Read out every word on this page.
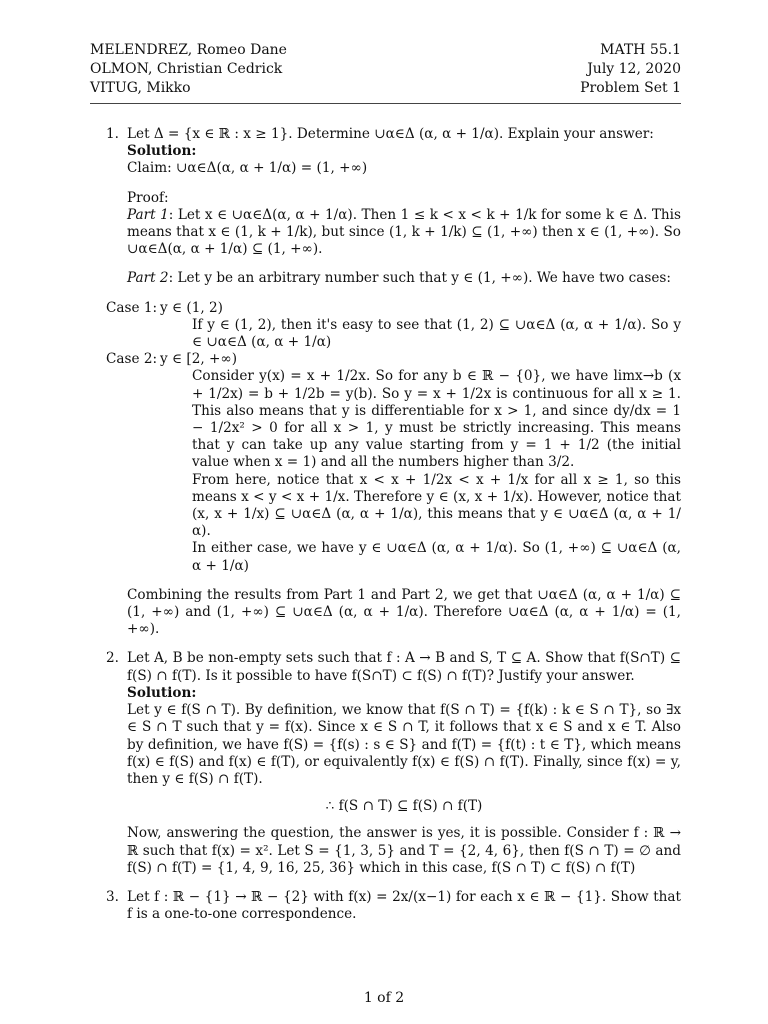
MELENDREZ, Romeo Dane
OLMON, Christian Cedrick
VITUG, Mikko
MATH 55.1
July 12, 2020
Problem Set 1
1. Let Δ = {x ∈ ℝ : x ≥ 1}. Determine ∪α∈Δ (α, α + 1/α). Explain your answer:

Solution:

Claim: ∪α∈Δ(α, α + 1/α) = (1, +∞)

Proof:

Part 1: Let x ∈ ∪α∈Δ(α, α + 1/α). Then 1 ≤ k < x < k + 1/k for some k ∈ Δ. This means that x ∈ (1, k + 1/k), but since (1, k + 1/k) ⊆ (1, +∞) then x ∈ (1, +∞). So ∪α∈Δ(α, α + 1/α) ⊆ (1, +∞).

Part 2: Let y be an arbitrary number such that y ∈ (1, +∞). We have two cases:

Case 1: y ∈ (1, 2)

If y ∈ (1, 2), then it's easy to see that (1, 2) ⊆ ∪α∈Δ (α, α + 1/α). So y ∈ ∪α∈Δ (α, α + 1/α)

Case 2: y ∈ [2, +∞)

Consider y(x) = x + 1/2x. So for any b ∈ ℝ − {0}, we have limx→b (x + 1/2x) = b + 1/2b = y(b). So y = x + 1/2x is continuous for all x ≥ 1. This also means that y is differentiable for x > 1, and since dy/dx = 1 − 1/2x² > 0 for all x > 1, y must be strictly increasing. This means that y can take up any value starting from y = 1 + 1/2 (the initial value when x = 1) and all the numbers higher than 3/2.

From here, notice that x < x + 1/2x < x + 1/x for all x ≥ 1, so this means x < y < x + 1/x. Therefore y ∈ (x, x + 1/x). However, notice that (x, x + 1/x) ⊆ ∪α∈Δ (α, α + 1/α), this means that y ∈ ∪α∈Δ (α, α + 1/α).

In either case, we have y ∈ ∪α∈Δ (α, α + 1/α). So (1, +∞) ⊆ ∪α∈Δ (α, α + 1/α)

Combining the results from Part 1 and Part 2, we get that ∪α∈Δ (α, α + 1/α) ⊆ (1, +∞) and (1, +∞) ⊆ ∪α∈Δ (α, α + 1/α). Therefore ∪α∈Δ (α, α + 1/α) = (1, +∞).

2. Let A, B be non-empty sets such that f : A → B and S, T ⊆ A. Show that f(S∩T) ⊆ f(S) ∩ f(T). Is it possible to have f(S∩T) ⊂ f(S) ∩ f(T)? Justify your answer.

Solution:

Let y ∈ f(S ∩ T). By definition, we know that f(S ∩ T) = {f(k) : k ∈ S ∩ T}, so ∃x ∈ S ∩ T such that y = f(x). Since x ∈ S ∩ T, it follows that x ∈ S and x ∈ T. Also by definition, we have f(S) = {f(s) : s ∈ S} and f(T) = {f(t) : t ∈ T}, which means f(x) ∈ f(S) and f(x) ∈ f(T), or equivalently f(x) ∈ f(S) ∩ f(T). Finally, since f(x) = y, then y ∈ f(S) ∩ f(T).

∴ f(S ∩ T) ⊆ f(S) ∩ f(T)

Now, answering the question, the answer is yes, it is possible. Consider f : ℝ → ℝ such that f(x) = x². Let S = {1, 3, 5} and T = {2, 4, 6}, then f(S ∩ T) = ∅ and f(S) ∩ f(T) = {1, 4, 9, 16, 25, 36} which in this case, f(S ∩ T) ⊂ f(S) ∩ f(T)

3. Let f : ℝ − {1} → ℝ − {2} with f(x) = 2x/(x−1) for each x ∈ ℝ − {1}. Show that f is a one-to-one correspondence.

1 of 2
